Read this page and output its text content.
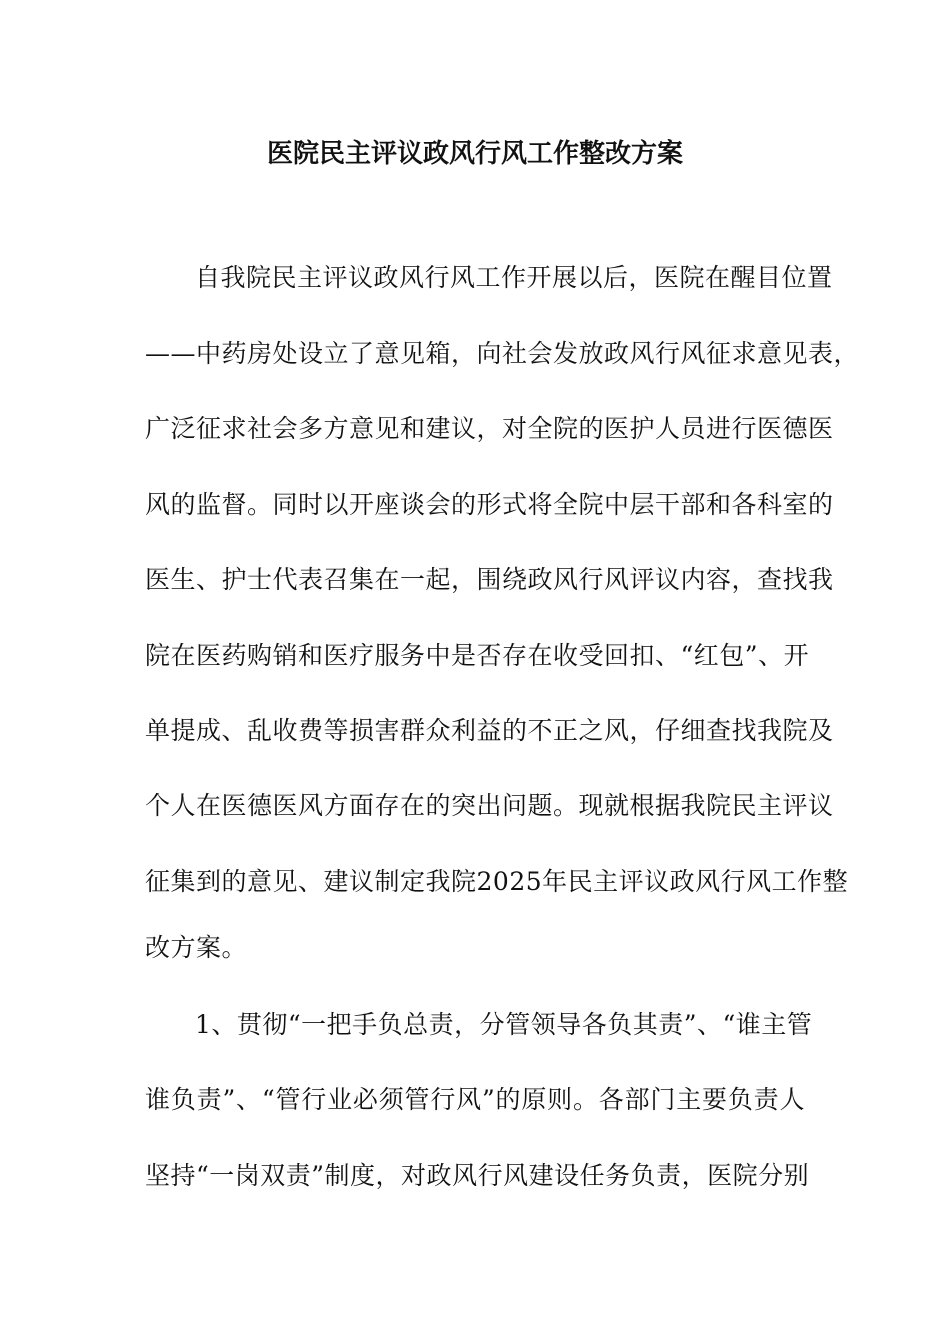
医院民主评议政风行风工作整改方案
自我院民主评议政风行风工作开展以后，医院在醒目位置
——中药房处设立了意见箱，向社会发放政风行风征求意见表，
广泛征求社会多方意见和建议，对全院的医护人员进行医德医
风的监督。同时以开座谈会的形式将全院中层干部和各科室的
医生、护士代表召集在一起，围绕政风行风评议内容，查找我
院在医药购销和医疗服务中是否存在收受回扣、“红包”、开
单提成、乱收费等损害群众利益的不正之风，仔细查找我院及
个人在医德医风方面存在的突出问题。现就根据我院民主评议
征集到的意见、建议制定我院2025年民主评议政风行风工作整
改方案。
1、贯彻“一把手负总责，分管领导各负其责”、“谁主管
谁负责”、“管行业必须管行风”的原则。各部门主要负责人
坚持“一岗双责”制度，对政风行风建设任务负责，医院分别
